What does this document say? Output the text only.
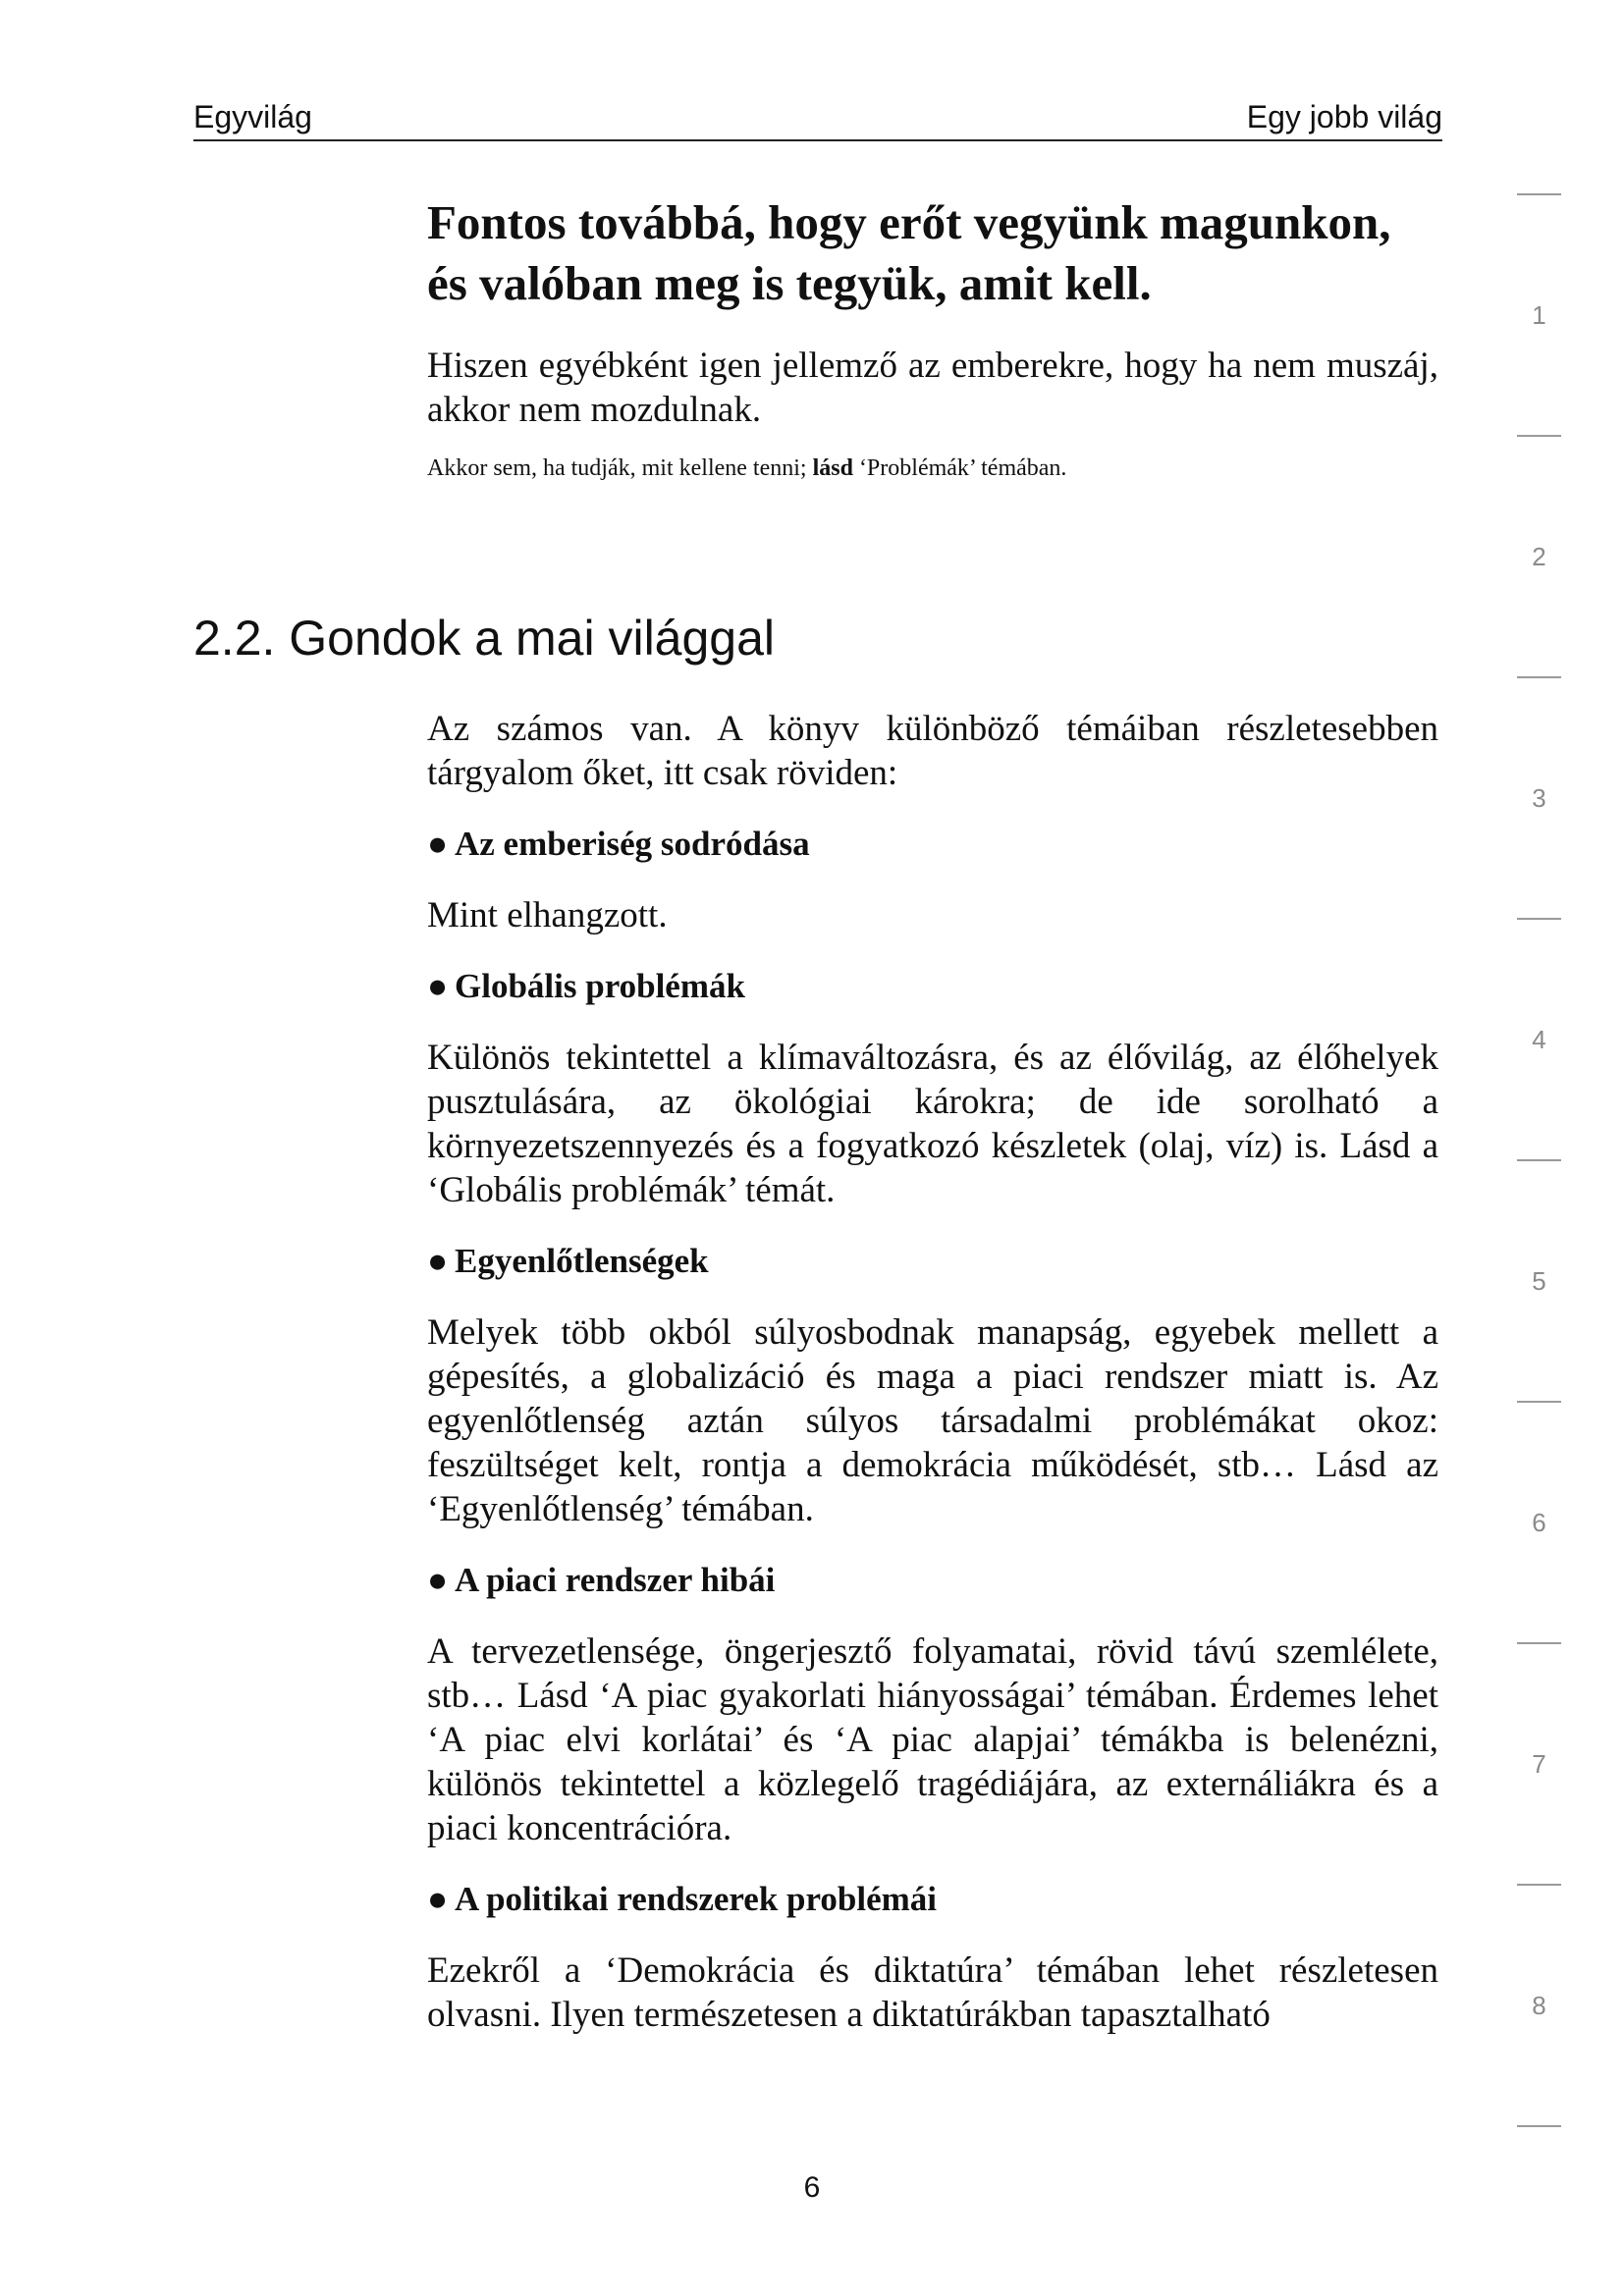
Egyvilág	Egy jobb világ

Fontos továbbá, hogy erőt vegyünk magunkon, és valóban meg is tegyük, amit kell.

Hiszen egyébként igen jellemző az emberekre, hogy ha nem muszáj, akkor nem mozdulnak.

Akkor sem, ha tudják, mit kellene tenni; lásd ‘Problémák’ témában.

2.2. Gondok a mai világgal

Az számos van. A könyv különböző témáiban részletesebben tárgyalom őket, itt csak röviden:

● Az emberiség sodródása

Mint elhangzott.

● Globális problémák

Különös tekintettel a klímaváltozásra, és az élővilág, az élőhelyek pusztulására, az ökológiai károkra; de ide sorolható a környezetszennyezés és a fogyatkozó készletek (olaj, víz) is. Lásd a ‘Globális problémák’ témát.

● Egyenlőtlenségek

Melyek több okból súlyosbodnak manapság, egyebek mellett a gépesítés, a globalizáció és maga a piaci rendszer miatt is. Az egyenlőtlenség aztán súlyos társadalmi problémákat okoz: feszültséget kelt, rontja a demokrácia működését, stb… Lásd az ‘Egyenlőtlenség’ témában.

● A piaci rendszer hibái

A tervezetlensége, öngerjesztő folyamatai, rövid távú szemlélete, stb… Lásd ‘A piac gyakorlati hiányosságai’ témában. Érdemes lehet ‘A piac elvi korlátai’ és ‘A piac alapjai’ témákba is belenézni, különös tekintettel a közlegelő tragédiájára, az externáliákra és a piaci koncentrációra.

● A politikai rendszerek problémái

Ezekről a ‘Demokrácia és diktatúra’ témában lehet részletesen olvasni. Ilyen természetesen a diktatúrákban tapasztalható

6
1
2
3
4
5
6
7
8
